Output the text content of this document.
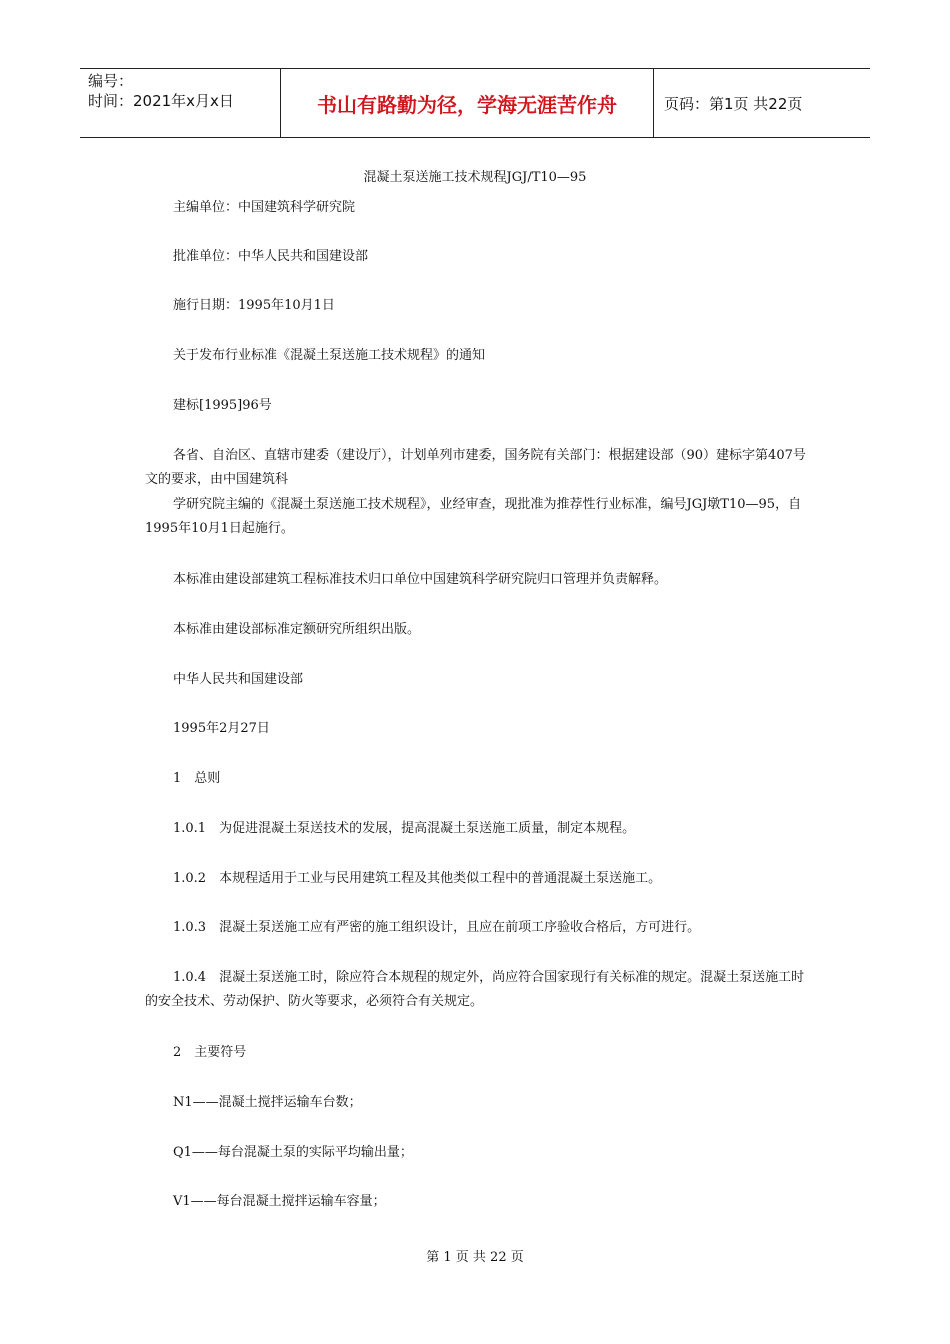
编号：
时间：2021年x月x日	书山有路勤为径，学海无涯苦作舟	页码：第1页 共22页
混凝土泵送施工技术规程JGJ/T10—95
主编单位：中国建筑科学研究院
批准单位：中华人民共和国建设部
施行日期：1995年10月1日
关于发布行业标准《混凝土泵送施工技术规程》的通知
建标[1995]96号
各省、自治区、直辖市建委（建设厅），计划单列市建委，国务院有关部门：根据建设部（90）建标字第407号文的要求，由中国建筑科
学研究院主编的《混凝土泵送施工技术规程》，业经审查，现批准为推荐性行业标准，编号JGJ墩T10—95，自1995年10月1日起施行。
本标准由建设部建筑工程标准技术归口单位中国建筑科学研究院归口管理并负责解释。
本标准由建设部标准定额研究所组织出版。
中华人民共和国建设部
1995年2月27日
1　总则
1.0.1　为促进混凝土泵送技术的发展，提高混凝土泵送施工质量，制定本规程。
1.0.2　本规程适用于工业与民用建筑工程及其他类似工程中的普通混凝土泵送施工。
1.0.3　混凝土泵送施工应有严密的施工组织设计，且应在前项工序验收合格后，方可进行。
1.0.4　混凝土泵送施工时，除应符合本规程的规定外，尚应符合国家现行有关标准的规定。混凝土泵送施工时的安全技术、劳动保护、防火等要求，必须符合有关规定。
2　主要符号
N1——混凝土搅拌运输车台数；
Q1——每台混凝土泵的实际平均输出量；
V1——每台混凝土搅拌运输车容量；
第 1 页 共 22 页
